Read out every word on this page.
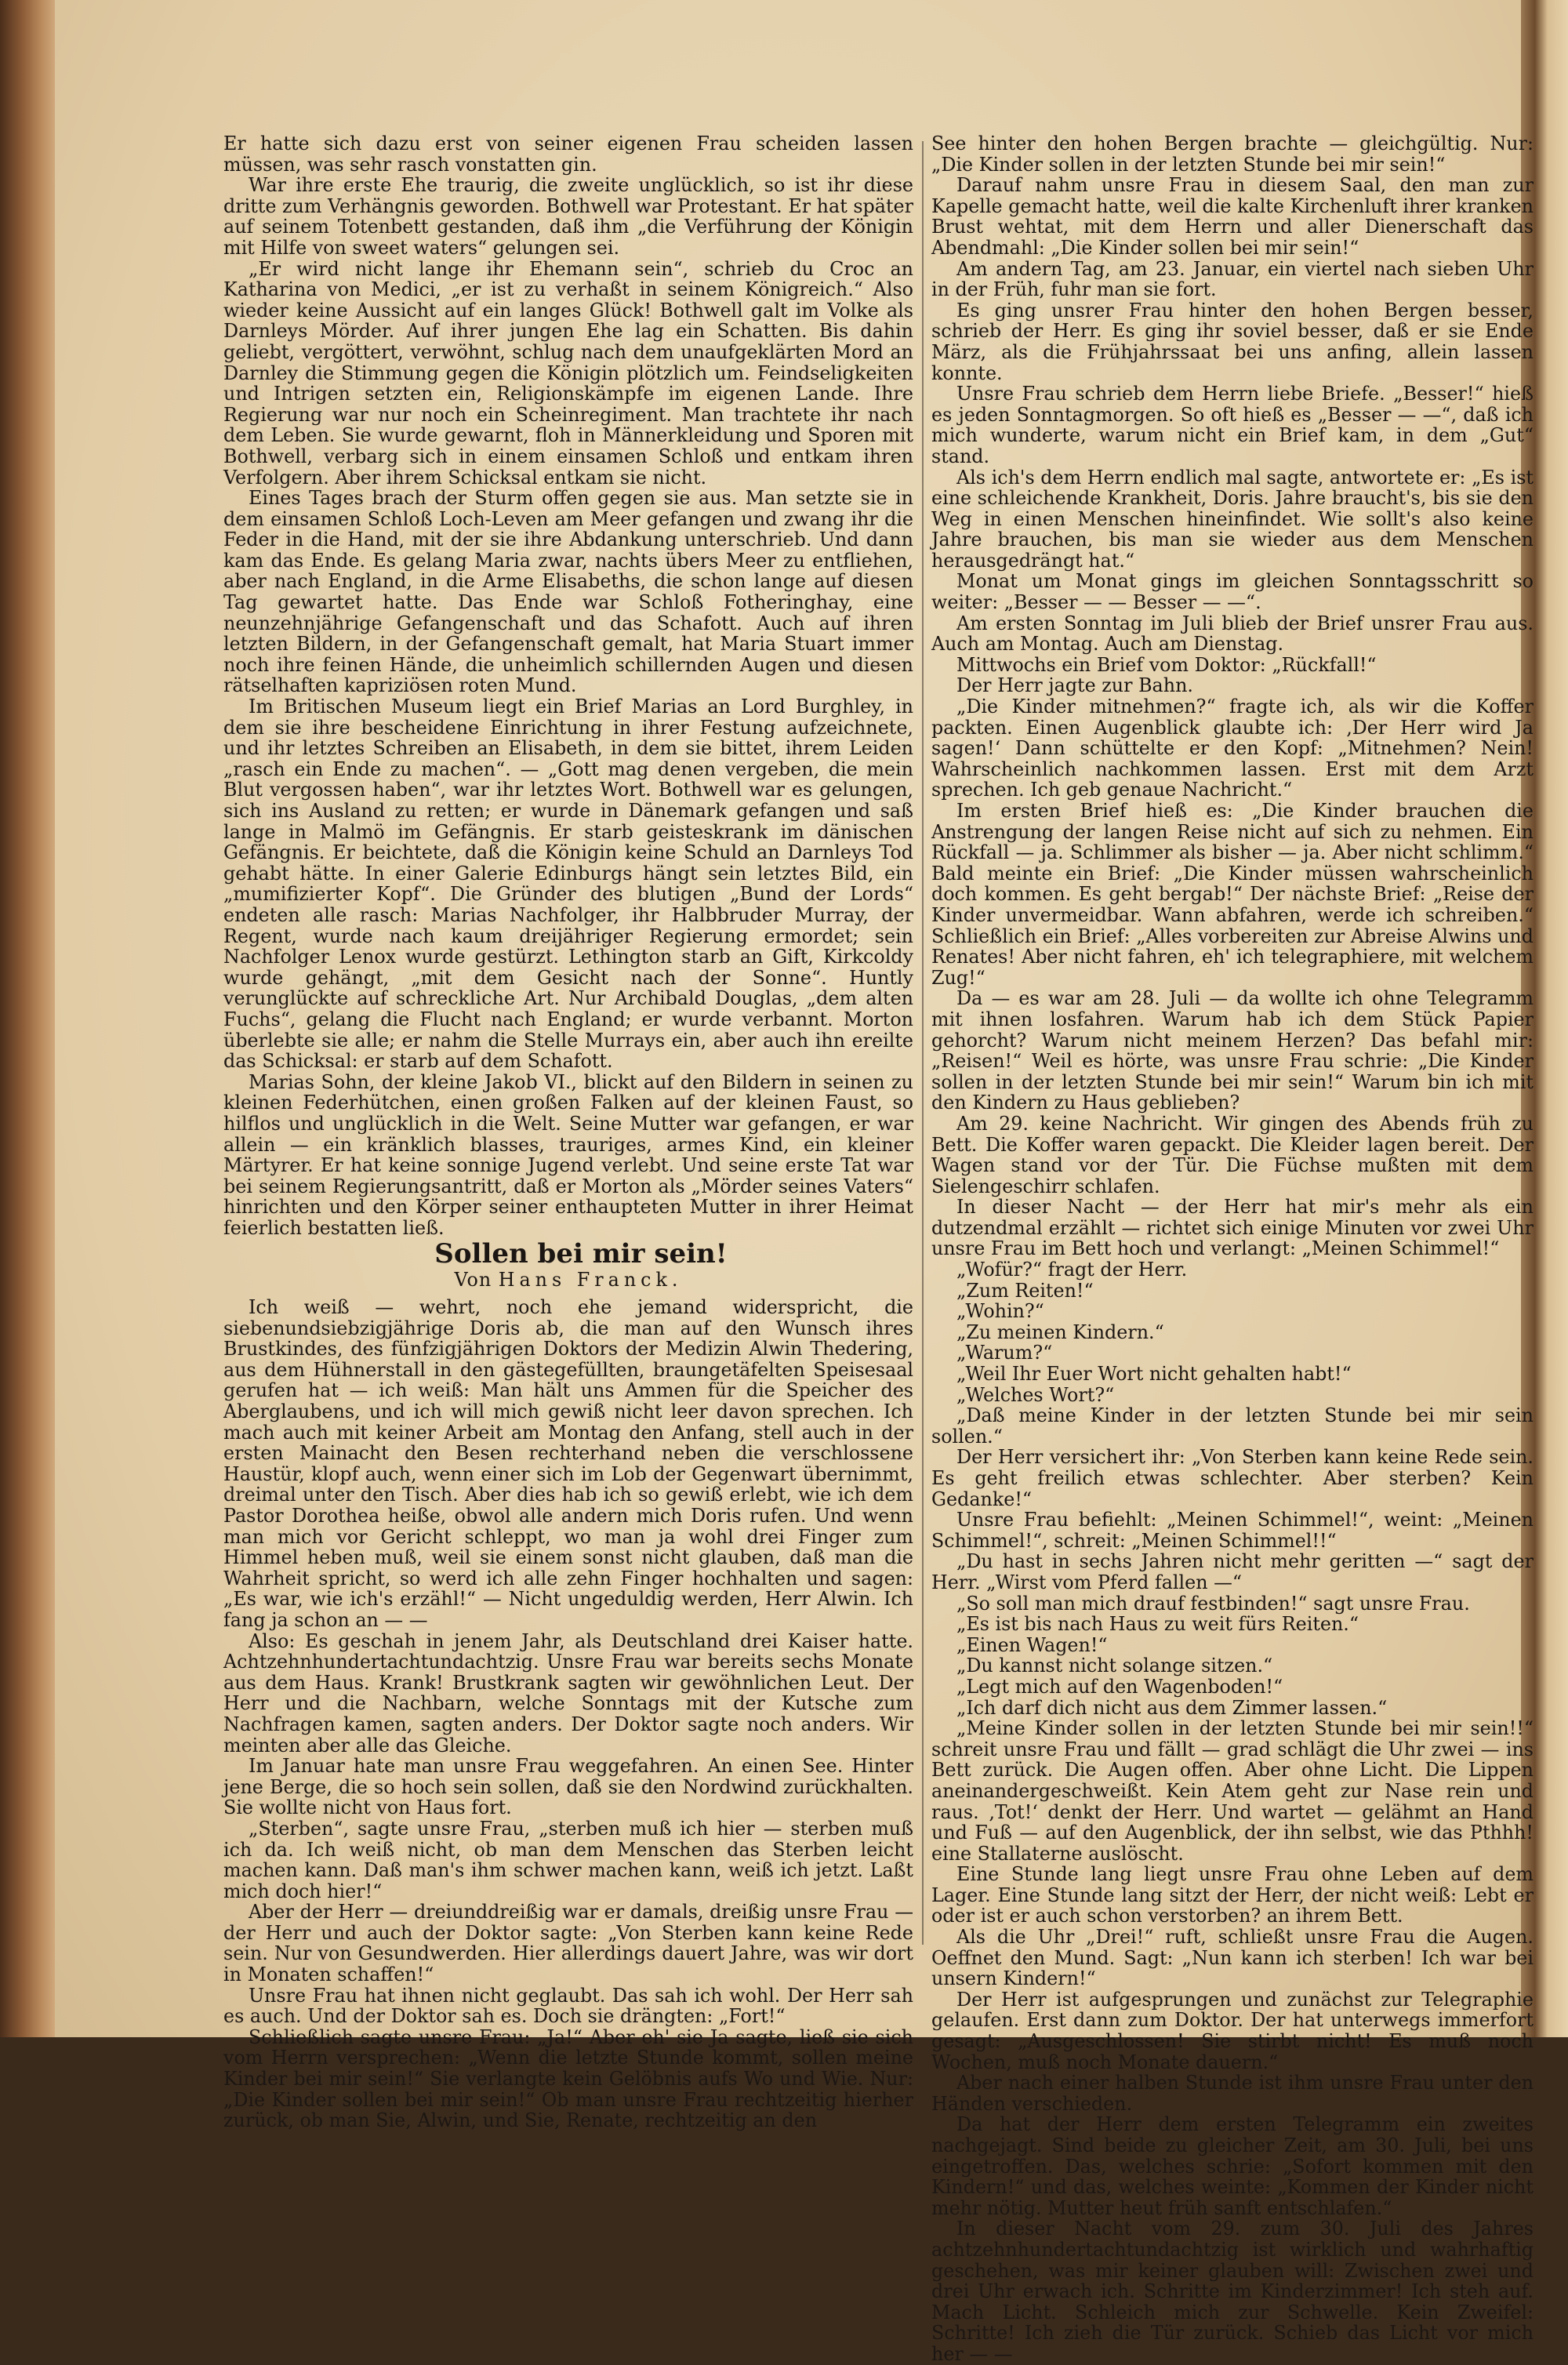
Er hatte sich dazu erst von seiner eigenen Frau scheiden lassen müssen, was sehr rasch vonstatten gin.

War ihre erste Ehe traurig, die zweite unglücklich, so ist ihr diese dritte zum Verhängnis geworden. Bothwell war Protestant. Er hat später auf seinem Totenbett gestanden, daß ihm „die Verführung der Königin mit Hilfe von sweet waters“ gelungen sei.

„Er wird nicht lange ihr Ehemann sein“, schrieb du Croc an Katharina von Medici, „er ist zu verhaßt in seinem Königreich.“ Also wieder keine Aussicht auf ein langes Glück! Bothwell galt im Volke als Darnleys Mörder. Auf ihrer jungen Ehe lag ein Schatten. Bis dahin geliebt, vergöttert, verwöhnt, schlug nach dem unaufgeklärten Mord an Darnley die Stimmung gegen die Königin plötzlich um. Feindseligkeiten und Intrigen setzten ein, Religionskämpfe im eigenen Lande. Ihre Regierung war nur noch ein Scheinregiment. Man trachtete ihr nach dem Leben. Sie wurde gewarnt, floh in Männerkleidung und Sporen mit Bothwell, verbarg sich in einem einsamen Schloß und entkam ihren Verfolgern. Aber ihrem Schicksal entkam sie nicht.

Eines Tages brach der Sturm offen gegen sie aus. Man setzte sie in dem einsamen Schloß Loch-Leven am Meer gefangen und zwang ihr die Feder in die Hand, mit der sie ihre Abdankung unterschrieb. Und dann kam das Ende. Es gelang Maria zwar, nachts übers Meer zu entfliehen, aber nach England, in die Arme Elisabeths, die schon lange auf diesen Tag gewartet hatte. Das Ende war Schloß Fotheringhay, eine neunzehnjährige Gefangenschaft und das Schafott. Auch auf ihren letzten Bildern, in der Gefangenschaft gemalt, hat Maria Stuart immer noch ihre feinen Hände, die unheimlich schillernden Augen und diesen rätselhaften kapriziösen roten Mund.

Im Britischen Museum liegt ein Brief Marias an Lord Burghley, in dem sie ihre bescheidene Einrichtung in ihrer Festung aufzeichnete, und ihr letztes Schreiben an Elisabeth, in dem sie bittet, ihrem Leiden „rasch ein Ende zu machen“. — „Gott mag denen vergeben, die mein Blut vergossen haben“, war ihr letztes Wort. Bothwell war es gelungen, sich ins Ausland zu retten; er wurde in Dänemark gefangen und saß lange in Malmö im Gefängnis. Er starb geisteskrank im dänischen Gefängnis. Er beichtete, daß die Königin keine Schuld an Darnleys Tod gehabt hätte. In einer Galerie Edinburgs hängt sein letztes Bild, ein „mumifizierter Kopf“. Die Gründer des blutigen „Bund der Lords“ endeten alle rasch: Marias Nachfolger, ihr Halbbruder Murray, der Regent, wurde nach kaum dreijähriger Regierung ermordet; sein Nachfolger Lenox wurde gestürzt. Lethington starb an Gift, Kirkcoldy wurde gehängt, „mit dem Gesicht nach der Sonne“. Huntly verunglückte auf schreckliche Art. Nur Archibald Douglas, „dem alten Fuchs“, gelang die Flucht nach England; er wurde verbannt. Morton überlebte sie alle; er nahm die Stelle Murrays ein, aber auch ihn ereilte das Schicksal: er starb auf dem Schafott.

Marias Sohn, der kleine Jakob VI., blickt auf den Bildern in seinen zu kleinen Federhütchen, einen großen Falken auf der kleinen Faust, so hilflos und unglücklich in die Welt. Seine Mutter war gefangen, er war allein — ein kränklich blasses, trauriges, armes Kind, ein kleiner Märtyrer. Er hat keine sonnige Jugend verlebt. Und seine erste Tat war bei seinem Regierungsantritt, daß er Morton als „Mörder seines Vaters“ hinrichten und den Körper seiner enthaupteten Mutter in ihrer Heimat feierlich bestatten ließ.

Sollen bei mir sein!

Von Hans Franck.

Ich weiß — wehrt, noch ehe jemand widerspricht, die siebenundsiebzigjährige Doris ab, die man auf den Wunsch ihres Brustkindes, des fünfzigjährigen Doktors der Medizin Alwin Thedering, aus dem Hühnerstall in den gästegefüllten, braungetäfelten Speisesaal gerufen hat — ich weiß: Man hält uns Ammen für die Speicher des Aberglaubens, und ich will mich gewiß nicht leer davon sprechen. Ich mach auch mit keiner Arbeit am Montag den Anfang, stell auch in der ersten Mainacht den Besen rechterhand neben die verschlossene Haustür, klopf auch, wenn einer sich im Lob der Gegenwart übernimmt, dreimal unter den Tisch. Aber dies hab ich so gewiß erlebt, wie ich dem Pastor Dorothea heiße, obwol alle andern mich Doris rufen. Und wenn man mich vor Gericht schleppt, wo man ja wohl drei Finger zum Himmel heben muß, weil sie einem sonst nicht glauben, daß man die Wahrheit spricht, so werd ich alle zehn Finger hochhalten und sagen: „Es war, wie ich's erzähl!“ — Nicht ungeduldig werden, Herr Alwin. Ich fang ja schon an — —

Also: Es geschah in jenem Jahr, als Deutschland drei Kaiser hatte. Achtzehnhundertachtundachtzig. Unsre Frau war bereits sechs Monate aus dem Haus. Krank! Brustkrank sagten wir gewöhnlichen Leut. Der Herr und die Nachbarn, welche Sonntags mit der Kutsche zum Nachfragen kamen, sagten anders. Der Doktor sagte noch anders. Wir meinten aber alle das Gleiche.

Im Januar hate man unsre Frau weggefahren. An einen See. Hinter jene Berge, die so hoch sein sollen, daß sie den Nordwind zurückhalten. Sie wollte nicht von Haus fort.

„Sterben“, sagte unsre Frau, „sterben muß ich hier — sterben muß ich da. Ich weiß nicht, ob man dem Menschen das Sterben leicht machen kann. Daß man's ihm schwer machen kann, weiß ich jetzt. Laßt mich doch hier!“

Aber der Herr — dreiunddreißig war er damals, dreißig unsre Frau — der Herr und auch der Doktor sagte: „Von Sterben kann keine Rede sein. Nur von Gesundwerden. Hier allerdings dauert Jahre, was wir dort in Monaten schaffen!“

Unsre Frau hat ihnen nicht geglaubt. Das sah ich wohl. Der Herr sah es auch. Und der Doktor sah es. Doch sie drängten: „Fort!“

Schließlich sagte unsre Frau: „Ja!“ Aber eh' sie Ja sagte, ließ sie sich vom Herrn versprechen: „Wenn die letzte Stunde kommt, sollen meine Kinder bei mir sein!“ Sie verlangte kein Gelöbnis aufs Wo und Wie. Nur: „Die Kinder sollen bei mir sein!“ Ob man unsre Frau rechtzeitig hierher zurück, ob man Sie, Alwin, und Sie, Renate, rechtzeitig an den

See hinter den hohen Bergen brachte — gleichgültig. Nur: „Die Kinder sollen in der letzten Stunde bei mir sein!“

Darauf nahm unsre Frau in diesem Saal, den man zur Kapelle gemacht hatte, weil die kalte Kirchenluft ihrer kranken Brust wehtat, mit dem Herrn und aller Dienerschaft das Abendmahl: „Die Kinder sollen bei mir sein!“

Am andern Tag, am 23. Januar, ein viertel nach sieben Uhr in der Früh, fuhr man sie fort.

Es ging unsrer Frau hinter den hohen Bergen besser, schrieb der Herr. Es ging ihr soviel besser, daß er sie Ende März, als die Frühjahrssaat bei uns anfing, allein lassen konnte.

Unsre Frau schrieb dem Herrn liebe Briefe. „Besser!“ hieß es jeden Sonntagmorgen. So oft hieß es „Besser — —“, daß ich mich wunderte, warum nicht ein Brief kam, in dem „Gut“ stand.

Als ich's dem Herrn endlich mal sagte, antwortete er: „Es ist eine schleichende Krankheit, Doris. Jahre braucht's, bis sie den Weg in einen Menschen hineinfindet. Wie sollt's also keine Jahre brauchen, bis man sie wieder aus dem Menschen herausgedrängt hat.“

Monat um Monat gings im gleichen Sonntagsschritt so weiter: „Besser — — Besser — —“.

Am ersten Sonntag im Juli blieb der Brief unsrer Frau aus. Auch am Montag. Auch am Dienstag.

Mittwochs ein Brief vom Doktor: „Rückfall!“

Der Herr jagte zur Bahn.

„Die Kinder mitnehmen?“ fragte ich, als wir die Koffer packten. Einen Augenblick glaubte ich: ‚Der Herr wird Ja sagen!‘ Dann schüttelte er den Kopf: „Mitnehmen? Nein! Wahrscheinlich nachkommen lassen. Erst mit dem Arzt sprechen. Ich geb genaue Nachricht.“

Im ersten Brief hieß es: „Die Kinder brauchen die Anstrengung der langen Reise nicht auf sich zu nehmen. Ein Rückfall — ja. Schlimmer als bisher — ja. Aber nicht schlimm.“ Bald meinte ein Brief: „Die Kinder müssen wahrscheinlich doch kommen. Es geht bergab!“ Der nächste Brief: „Reise der Kinder unvermeidbar. Wann abfahren, werde ich schreiben.“ Schließlich ein Brief: „Alles vorbereiten zur Abreise Alwins und Renates! Aber nicht fahren, eh' ich telegraphiere, mit welchem Zug!“

Da — es war am 28. Juli — da wollte ich ohne Telegramm mit ihnen losfahren. Warum hab ich dem Stück Papier gehorcht? Warum nicht meinem Herzen? Das befahl mir: „Reisen!“ Weil es hörte, was unsre Frau schrie: „Die Kinder sollen in der letzten Stunde bei mir sein!“ Warum bin ich mit den Kindern zu Haus geblieben?

Am 29. keine Nachricht. Wir gingen des Abends früh zu Bett. Die Koffer waren gepackt. Die Kleider lagen bereit. Der Wagen stand vor der Tür. Die Füchse mußten mit dem Sielengeschirr schlafen.

In dieser Nacht — der Herr hat mir's mehr als ein dutzendmal erzählt — richtet sich einige Minuten vor zwei Uhr unsre Frau im Bett hoch und verlangt: „Meinen Schimmel!“

„Wofür?“ fragt der Herr.

„Zum Reiten!“

„Wohin?“

„Zu meinen Kindern.“

„Warum?“

„Weil Ihr Euer Wort nicht gehalten habt!“

„Welches Wort?“

„Daß meine Kinder in der letzten Stunde bei mir sein sollen.“

Der Herr versichert ihr: „Von Sterben kann keine Rede sein. Es geht freilich etwas schlechter. Aber sterben? Kein Gedanke!“

Unsre Frau befiehlt: „Meinen Schimmel!“, weint: „Meinen Schimmel!“, schreit: „Meinen Schimmel!!“

„Du hast in sechs Jahren nicht mehr geritten —“ sagt der Herr. „Wirst vom Pferd fallen —“

„So soll man mich drauf festbinden!“ sagt unsre Frau.

„Es ist bis nach Haus zu weit fürs Reiten.“

„Einen Wagen!“

„Du kannst nicht solange sitzen.“

„Legt mich auf den Wagenboden!“

„Ich darf dich nicht aus dem Zimmer lassen.“

„Meine Kinder sollen in der letzten Stunde bei mir sein!!“ schreit unsre Frau und fällt — grad schlägt die Uhr zwei — ins Bett zurück. Die Augen offen. Aber ohne Licht. Die Lippen aneinandergeschweißt. Kein Atem geht zur Nase rein und raus. ‚Tot!‘ denkt der Herr. Und wartet — gelähmt an Hand und Fuß — auf den Augenblick, der ihn selbst, wie das Pthhh! eine Stallaterne auslöscht.

Eine Stunde lang liegt unsre Frau ohne Leben auf dem Lager. Eine Stunde lang sitzt der Herr, der nicht weiß: Lebt er oder ist er auch schon verstorben? an ihrem Bett.

Als die Uhr „Drei!“ ruft, schließt unsre Frau die Augen. Oeffnet den Mund. Sagt: „Nun kann ich sterben! Ich war bei unsern Kindern!“

Der Herr ist aufgesprungen und zunächst zur Telegraphie gelaufen. Erst dann zum Doktor. Der hat unterwegs immerfort gesagt: „Ausgeschlossen! Sie stirbt nicht! Es muß noch Wochen, muß noch Monate dauern.“

Aber nach einer halben Stunde ist ihm unsre Frau unter den Händen verschieden.

Da hat der Herr dem ersten Telegramm ein zweites nachgejagt. Sind beide zu gleicher Zeit, am 30. Juli, bei uns eingetroffen. Das, welches schrie: „Sofort kommen mit den Kindern!“ und das, welches weinte: „Kommen der Kinder nicht mehr nötig. Mutter heut früh sanft entschlafen.“

In dieser Nacht vom 29. zum 30. Juli des Jahres achtzehnhundertachtundachtzig ist wirklich und wahrhaftig geschehen, was mir keiner glauben will: Zwischen zwei und drei Uhr erwach ich. Schritte im Kinderzimmer! Ich steh auf. Mach Licht. Schleich mich zur Schwelle. Kein Zweifel: Schritte! Ich zieh die Tür zurück. Schieb das Licht vor mich her — —
